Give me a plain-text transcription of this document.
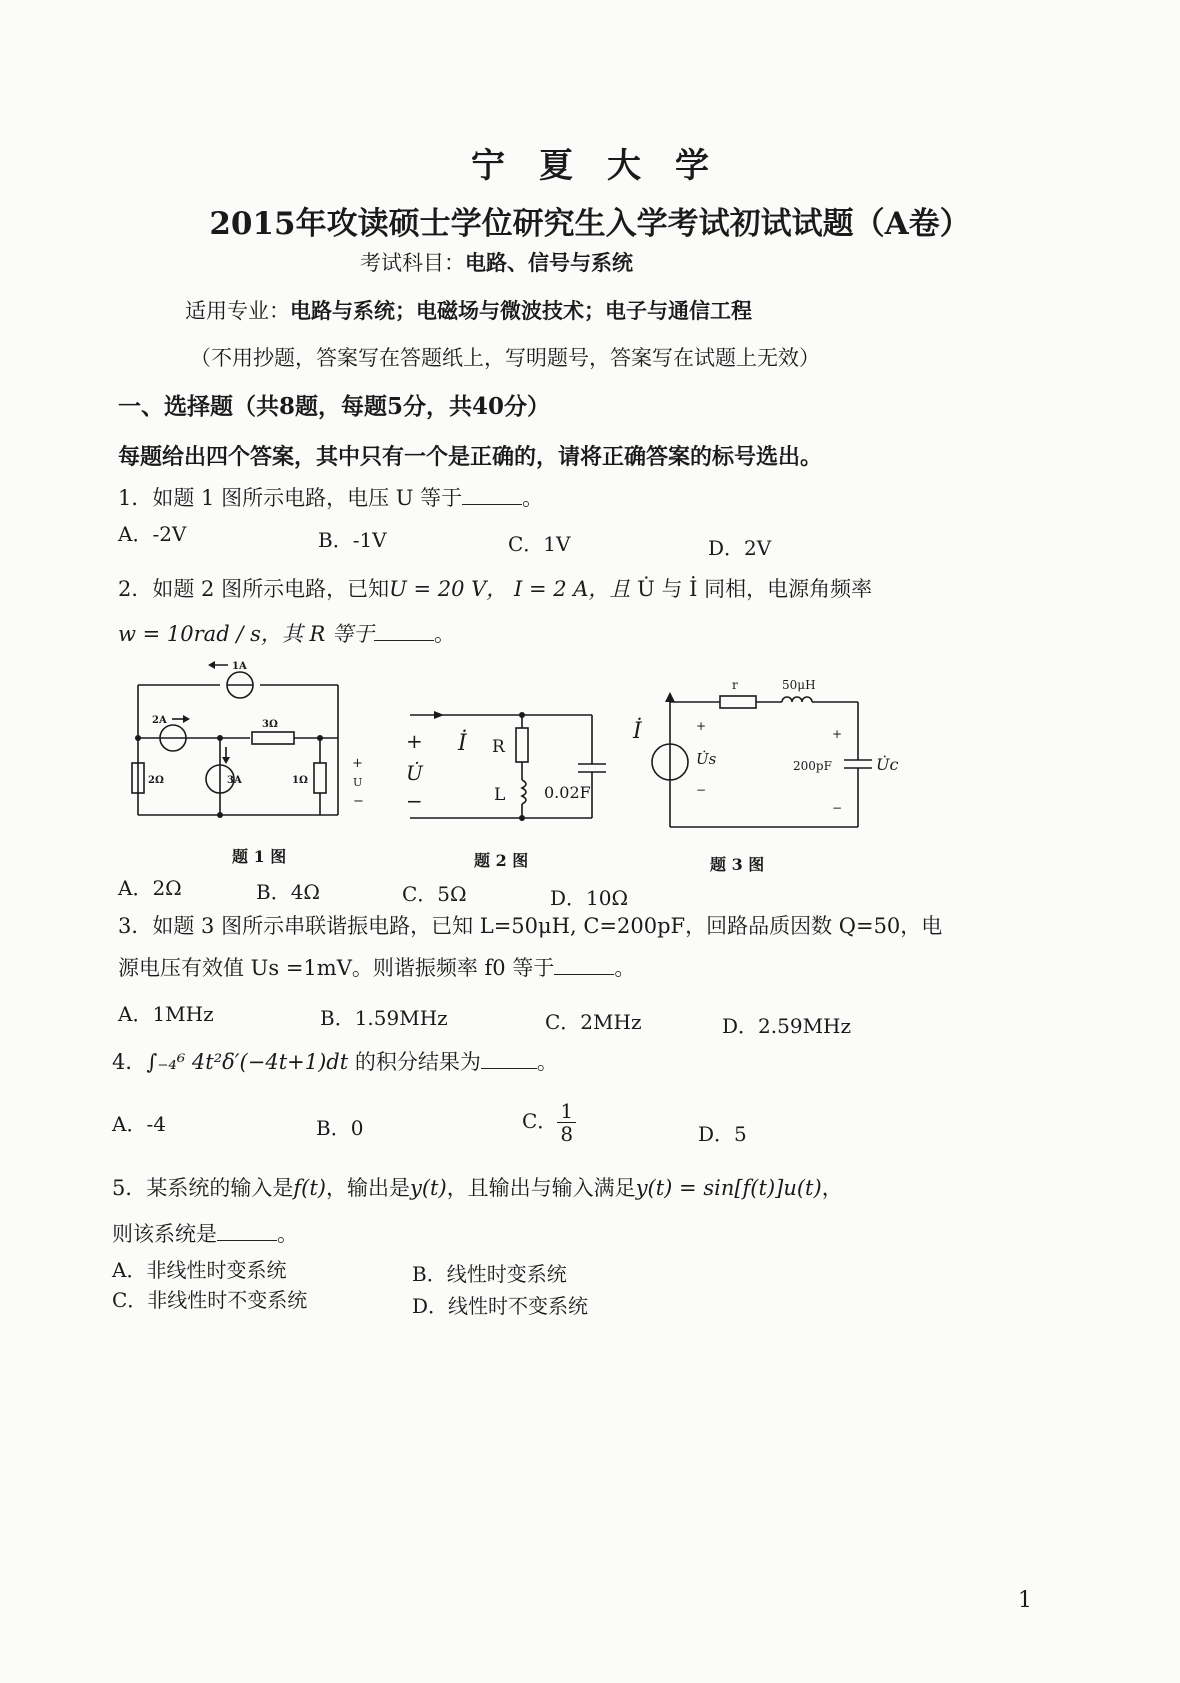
宁夏大学
2015年攻读硕士学位研究生入学考试初试试题（A卷）
考试科目：电路、信号与系统
适用专业：电路与系统；电磁场与微波技术；电子与通信工程
（不用抄题，答案写在答题纸上，写明题号，答案写在试题上无效）
一、选择题（共8题，每题5分，共40分）
每题给出四个答案，其中只有一个是正确的，请将正确答案的标号选出。
1．如题 1 图所示电路，电压 U 等于	。
A．-2V	B．-1V	C．1V	D．2V
2．如题 2 图所示电路，已知U = 20 V， I = 2 A，且 U̇ 与 İ 同相，电源角频率
w = 10rad / s，其 R 等于	。
1A
2A	3Ω
2Ω	3A	1Ω
+
U
−
+ İ
U̇
−
R
L 0.02F
r	50μH
İ	+
U̇s
−
200pF
+
U̇c
−
题 1 图	题 2 图	题 3 图
A．2Ω	B．4Ω	C．5Ω	D．10Ω
3．如题 3 图所示串联谐振电路，已知 L=50μH, C=200pF，回路品质因数 Q=50，电
源电压有效值 Us =1mV。则谐振频率 f0 等于	。
A．1MHz	B．1.59MHz	C．2MHz	D．2.59MHz
4．∫₋₄⁶ 4t²δ′(−4t+1)dt 的积分结果为	。
A．-4	B．0	C． $\frac{1}{8}$	D．5
5．某系统的输入是f(t)，输出是y(t)，且输出与输入满足y(t) = sin[f(t)]u(t)，
则该系统是	。
A．非线性时变系统	B．线性时变系统
C．非线性时不变系统	D．线性时不变系统
1
